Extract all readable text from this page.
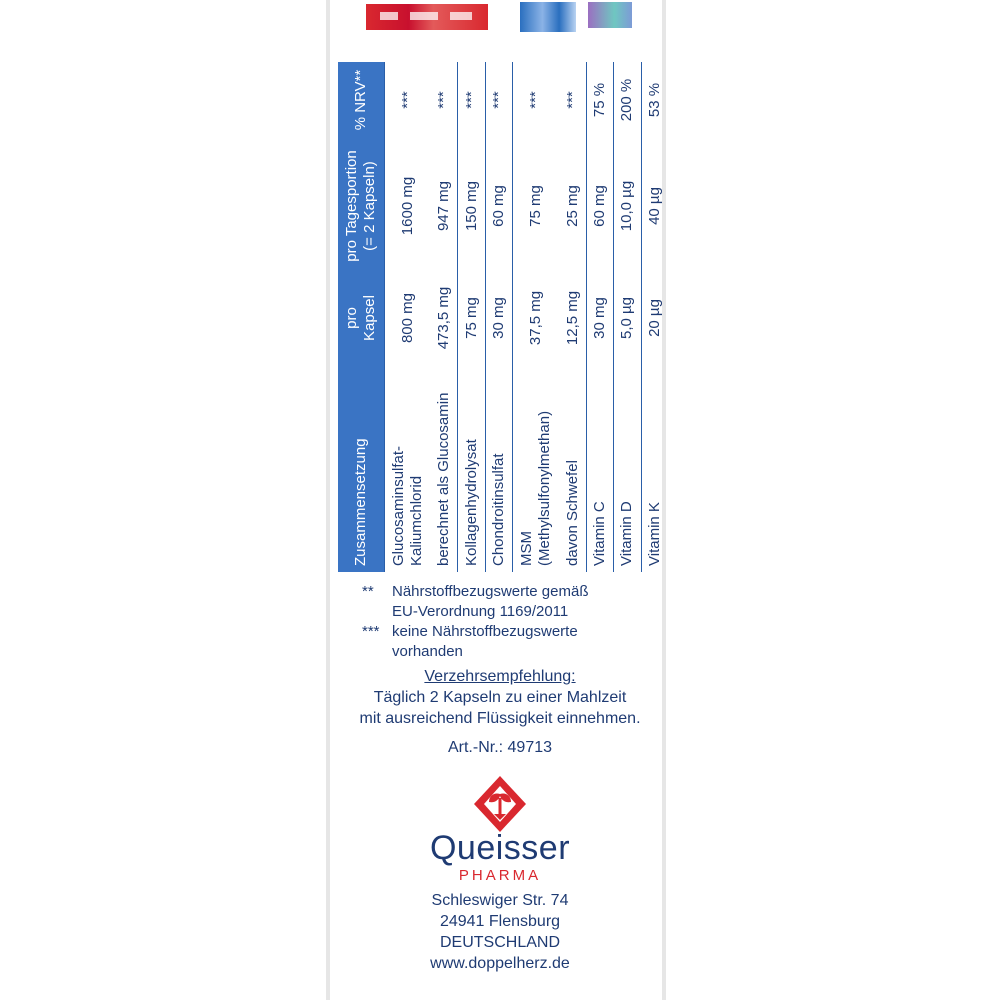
Zusammensetzung	pro Kapsel	pro Tagesportion (= 2 Kapseln)	% NRV**

Glucosaminsulfat- Kaliumchlorid	800 mg	1600 mg	***

berechnet als Glucosamin	473,5 mg	947 mg	***

Kollagenhydrolysat	75 mg	150 mg	***

Chondroitinsulfat	30 mg	60 mg	***

MSM (Methylsulfonylmethan)	37,5 mg	75 mg	***

davon Schwefel	12,5 mg	25 mg	***

Vitamin C	30 mg	60 mg	75 %

Vitamin D	5,0 µg	10,0 µg	200 %

Vitamin K	20 µg	40 µg	53 %
**	Nährstoffbezugswerte gemäß
EU-Verordnung 1169/2011
*** keine Nährstoffbezugswerte
vorhanden
Verzehrsempfehlung:
Täglich 2 Kapseln zu einer Mahlzeit
mit ausreichend Flüssigkeit einnehmen.
Art.-Nr.: 49713
Queisser
PHARMA
Schleswiger Str. 74
24941 Flensburg
DEUTSCHLAND
www.doppelherz.de
